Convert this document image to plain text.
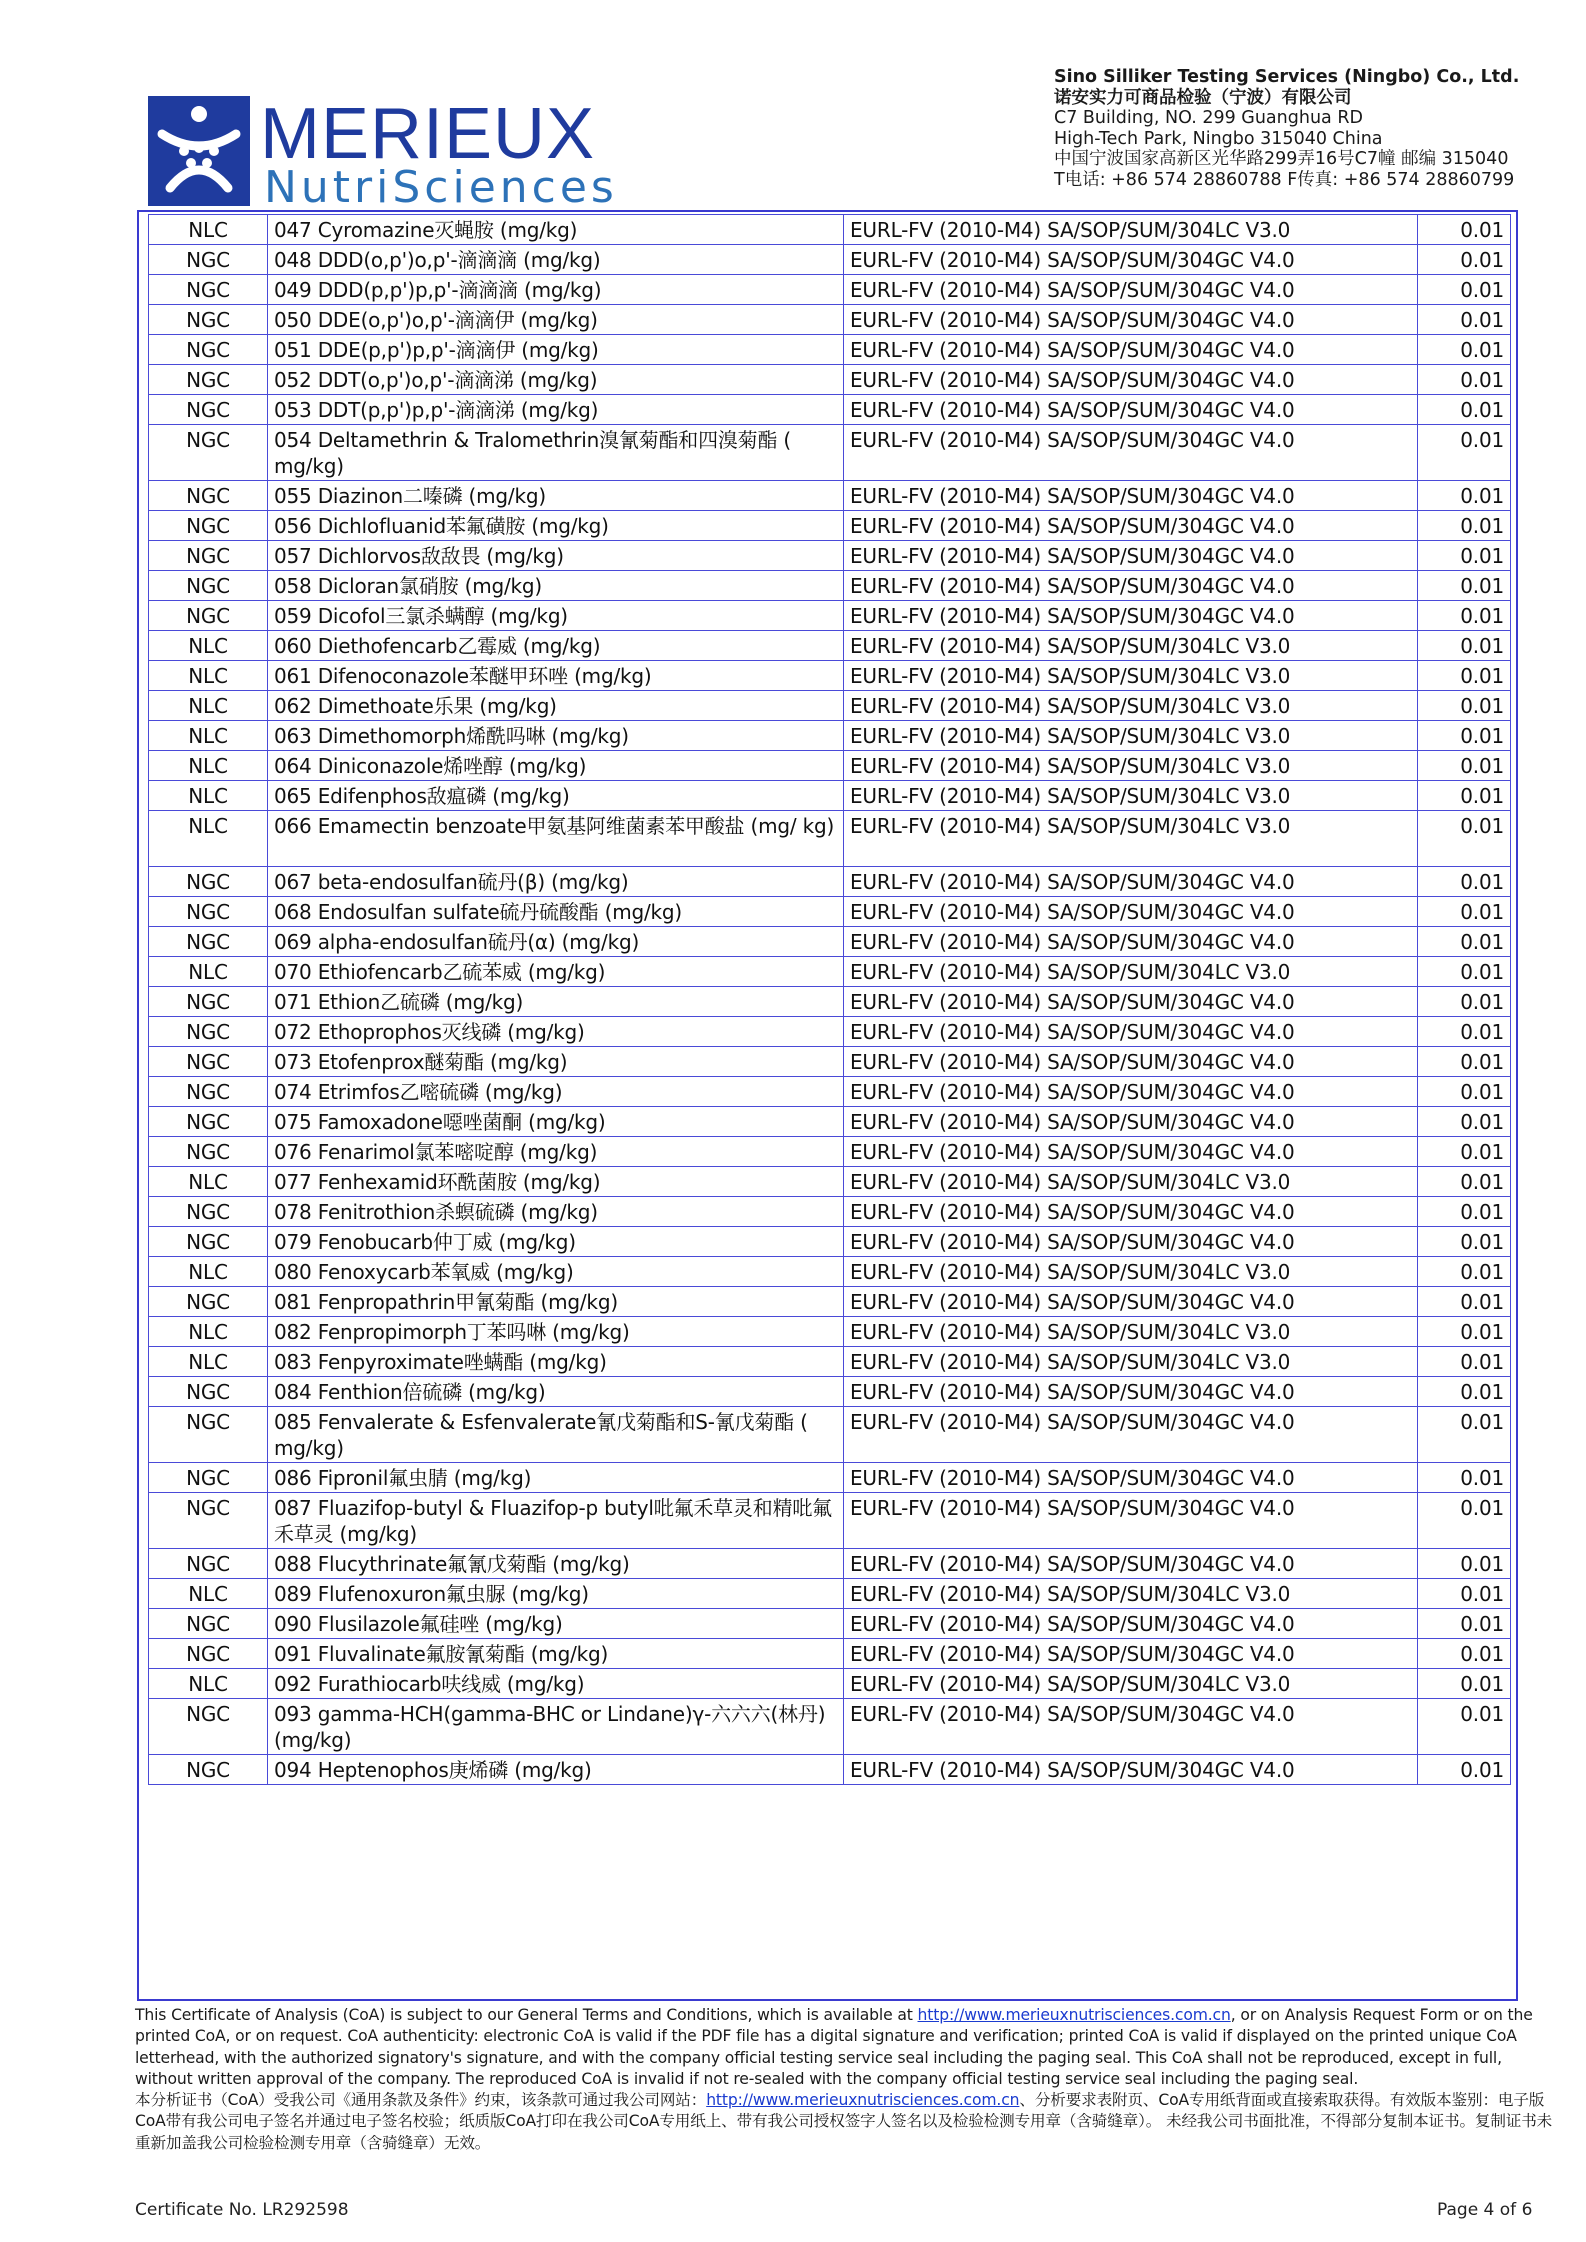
MERIEUX
NutriSciences
Sino Silliker Testing Services (Ningbo) Co., Ltd.
诺安实力可商品检验（宁波）有限公司
C7 Building, NO. 299 Guanghua RD
High-Tech Park, Ningbo 315040 China
中国宁波国家高新区光华路299弄16号C7幢 邮编 315040
T电话: +86 574 28860788 F传真: +86 574 28860799
NLC	047 Cyromazine灭蝇胺 (mg/kg)	EURL-FV (2010-M4) SA/SOP/SUM/304LC V3.0	0.01
NGC	048 DDD(o,p')o,p'-滴滴滴 (mg/kg)	EURL-FV (2010-M4) SA/SOP/SUM/304GC V4.0	0.01
NGC	049 DDD(p,p')p,p'-滴滴滴 (mg/kg)	EURL-FV (2010-M4) SA/SOP/SUM/304GC V4.0	0.01
NGC	050 DDE(o,p')o,p'-滴滴伊 (mg/kg)	EURL-FV (2010-M4) SA/SOP/SUM/304GC V4.0	0.01
NGC	051 DDE(p,p')p,p'-滴滴伊 (mg/kg)	EURL-FV (2010-M4) SA/SOP/SUM/304GC V4.0	0.01
NGC	052 DDT(o,p')o,p'-滴滴涕 (mg/kg)	EURL-FV (2010-M4) SA/SOP/SUM/304GC V4.0	0.01
NGC	053 DDT(p,p')p,p'-滴滴涕 (mg/kg)	EURL-FV (2010-M4) SA/SOP/SUM/304GC V4.0	0.01
NGC	054 Deltamethrin & Tralomethrin溴氰菊酯和四溴菊酯 ( mg/kg)	EURL-FV (2010-M4) SA/SOP/SUM/304GC V4.0	0.01
NGC	055 Diazinon二嗪磷 (mg/kg)	EURL-FV (2010-M4) SA/SOP/SUM/304GC V4.0	0.01
NGC	056 Dichlofluanid苯氟磺胺 (mg/kg)	EURL-FV (2010-M4) SA/SOP/SUM/304GC V4.0	0.01
NGC	057 Dichlorvos敌敌畏 (mg/kg)	EURL-FV (2010-M4) SA/SOP/SUM/304GC V4.0	0.01
NGC	058 Dicloran氯硝胺 (mg/kg)	EURL-FV (2010-M4) SA/SOP/SUM/304GC V4.0	0.01
NGC	059 Dicofol三氯杀螨醇 (mg/kg)	EURL-FV (2010-M4) SA/SOP/SUM/304GC V4.0	0.01
NLC	060 Diethofencarb乙霉威 (mg/kg)	EURL-FV (2010-M4) SA/SOP/SUM/304LC V3.0	0.01
NLC	061 Difenoconazole苯醚甲环唑 (mg/kg)	EURL-FV (2010-M4) SA/SOP/SUM/304LC V3.0	0.01
NLC	062 Dimethoate乐果 (mg/kg)	EURL-FV (2010-M4) SA/SOP/SUM/304LC V3.0	0.01
NLC	063 Dimethomorph烯酰吗啉 (mg/kg)	EURL-FV (2010-M4) SA/SOP/SUM/304LC V3.0	0.01
NLC	064 Diniconazole烯唑醇 (mg/kg)	EURL-FV (2010-M4) SA/SOP/SUM/304LC V3.0	0.01
NLC	065 Edifenphos敌瘟磷 (mg/kg)	EURL-FV (2010-M4) SA/SOP/SUM/304LC V3.0	0.01
NLC	066 Emamectin benzoate甲氨基阿维菌素苯甲酸盐 (mg/ kg)	EURL-FV (2010-M4) SA/SOP/SUM/304LC V3.0	0.01
NGC	067 beta-endosulfan硫丹(β) (mg/kg)	EURL-FV (2010-M4) SA/SOP/SUM/304GC V4.0	0.01
NGC	068 Endosulfan sulfate硫丹硫酸酯 (mg/kg)	EURL-FV (2010-M4) SA/SOP/SUM/304GC V4.0	0.01
NGC	069 alpha-endosulfan硫丹(α) (mg/kg)	EURL-FV (2010-M4) SA/SOP/SUM/304GC V4.0	0.01
NLC	070 Ethiofencarb乙硫苯威 (mg/kg)	EURL-FV (2010-M4) SA/SOP/SUM/304LC V3.0	0.01
NGC	071 Ethion乙硫磷 (mg/kg)	EURL-FV (2010-M4) SA/SOP/SUM/304GC V4.0	0.01
NGC	072 Ethoprophos灭线磷 (mg/kg)	EURL-FV (2010-M4) SA/SOP/SUM/304GC V4.0	0.01
NGC	073 Etofenprox醚菊酯 (mg/kg)	EURL-FV (2010-M4) SA/SOP/SUM/304GC V4.0	0.01
NGC	074 Etrimfos乙嘧硫磷 (mg/kg)	EURL-FV (2010-M4) SA/SOP/SUM/304GC V4.0	0.01
NGC	075 Famoxadone噁唑菌酮 (mg/kg)	EURL-FV (2010-M4) SA/SOP/SUM/304GC V4.0	0.01
NGC	076 Fenarimol氯苯嘧啶醇 (mg/kg)	EURL-FV (2010-M4) SA/SOP/SUM/304GC V4.0	0.01
NLC	077 Fenhexamid环酰菌胺 (mg/kg)	EURL-FV (2010-M4) SA/SOP/SUM/304LC V3.0	0.01
NGC	078 Fenitrothion杀螟硫磷 (mg/kg)	EURL-FV (2010-M4) SA/SOP/SUM/304GC V4.0	0.01
NGC	079 Fenobucarb仲丁威 (mg/kg)	EURL-FV (2010-M4) SA/SOP/SUM/304GC V4.0	0.01
NLC	080 Fenoxycarb苯氧威 (mg/kg)	EURL-FV (2010-M4) SA/SOP/SUM/304LC V3.0	0.01
NGC	081 Fenpropathrin甲氰菊酯 (mg/kg)	EURL-FV (2010-M4) SA/SOP/SUM/304GC V4.0	0.01
NLC	082 Fenpropimorph丁苯吗啉 (mg/kg)	EURL-FV (2010-M4) SA/SOP/SUM/304LC V3.0	0.01
NLC	083 Fenpyroximate唑螨酯 (mg/kg)	EURL-FV (2010-M4) SA/SOP/SUM/304LC V3.0	0.01
NGC	084 Fenthion倍硫磷 (mg/kg)	EURL-FV (2010-M4) SA/SOP/SUM/304GC V4.0	0.01
NGC	085 Fenvalerate & Esfenvalerate氰戊菊酯和S-氰戊菊酯 ( mg/kg)	EURL-FV (2010-M4) SA/SOP/SUM/304GC V4.0	0.01
NGC	086 Fipronil氟虫腈 (mg/kg)	EURL-FV (2010-M4) SA/SOP/SUM/304GC V4.0	0.01
NGC	087 Fluazifop-butyl & Fluazifop-p butyl吡氟禾草灵和精吡氟禾草灵 (mg/kg)	EURL-FV (2010-M4) SA/SOP/SUM/304GC V4.0	0.01
NGC	088 Flucythrinate氟氰戊菊酯 (mg/kg)	EURL-FV (2010-M4) SA/SOP/SUM/304GC V4.0	0.01
NLC	089 Flufenoxuron氟虫脲 (mg/kg)	EURL-FV (2010-M4) SA/SOP/SUM/304LC V3.0	0.01
NGC	090 Flusilazole氟硅唑 (mg/kg)	EURL-FV (2010-M4) SA/SOP/SUM/304GC V4.0	0.01
NGC	091 Fluvalinate氟胺氰菊酯 (mg/kg)	EURL-FV (2010-M4) SA/SOP/SUM/304GC V4.0	0.01
NLC	092 Furathiocarb呋线威 (mg/kg)	EURL-FV (2010-M4) SA/SOP/SUM/304LC V3.0	0.01
NGC	093 gamma-HCH(gamma-BHC or Lindane)γ-六六六(林丹) (mg/kg)	EURL-FV (2010-M4) SA/SOP/SUM/304GC V4.0	0.01
NGC	094 Heptenophos庚烯磷 (mg/kg)	EURL-FV (2010-M4) SA/SOP/SUM/304GC V4.0	0.01
This Certificate of Analysis (CoA) is subject to our General Terms and Conditions, which is available at http://www.merieuxnutrisciences.com.cn, or on Analysis Request Form or on the printed CoA, or on request. CoA authenticity: electronic CoA is valid if the PDF file has a digital signature and verification; printed CoA is valid if displayed on the printed unique CoA letterhead, with the authorized signatory's signature, and with the company official testing service seal including the paging seal. This CoA shall not be reproduced, except in full, without written approval of the company. The reproduced CoA is invalid if not re-sealed with the company official testing service seal including the paging seal.
本分析证书（CoA）受我公司《通用条款及条件》约束，该条款可通过我公司网站：http://www.merieuxnutrisciences.com.cn、分析要求表附页、CoA专用纸背面或直接索取获得。有效版本鉴别：电子版CoA带有我公司电子签名并通过电子签名校验；纸质版CoA打印在我公司CoA专用纸上、带有我公司授权签字人签名以及检验检测专用章（含骑缝章）。 未经我公司书面批准，不得部分复制本证书。复制证书未重新加盖我公司检验检测专用章（含骑缝章）无效。
Certificate No. LR292598	Page 4 of 6
